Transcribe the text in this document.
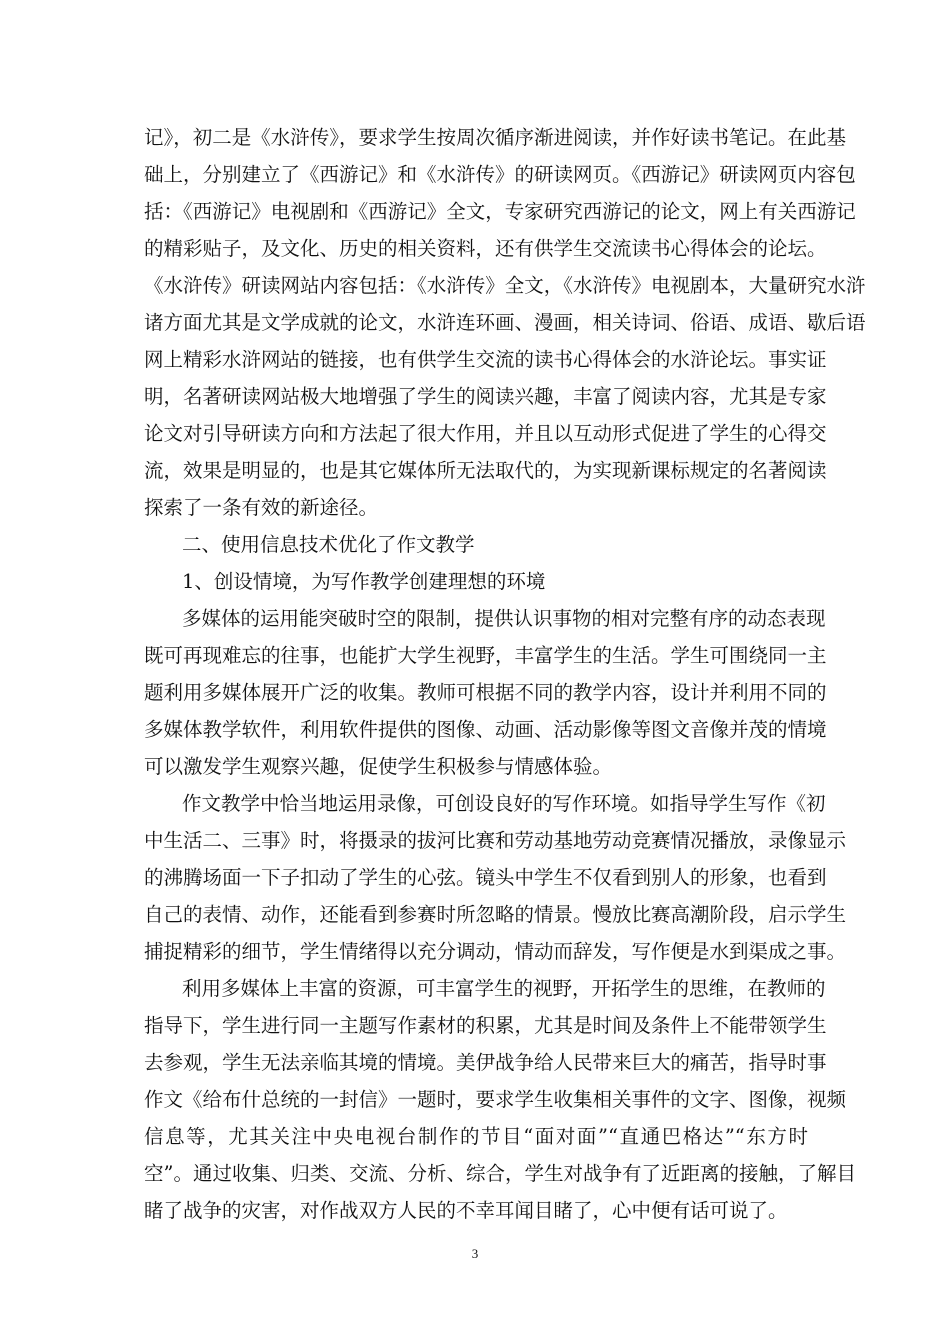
记》，初二是《水浒传》，要求学生按周次循序渐进阅读，并作好读书笔记。在此基
础上，分别建立了《西游记》和《水浒传》的研读网页。《西游记》研读网页内容包
括：《西游记》电视剧和《西游记》全文，专家研究西游记的论文，网上有关西游记
的精彩贴子，及文化、历史的相关资料，还有供学生交流读书心得体会的论坛。
《水浒传》研读网站内容包括：《水浒传》全文，《水浒传》电视剧本，大量研究水浒
诸方面尤其是文学成就的论文，水浒连环画、漫画，相关诗词、俗语、成语、歇后语
网上精彩水浒网站的链接，也有供学生交流的读书心得体会的水浒论坛。事实证
明，名著研读网站极大地增强了学生的阅读兴趣，丰富了阅读内容，尤其是专家
论文对引导研读方向和方法起了很大作用，并且以互动形式促进了学生的心得交
流，效果是明显的，也是其它媒体所无法取代的，为实现新课标规定的名著阅读
探索了一条有效的新途径。
二、使用信息技术优化了作文教学
1、创设情境，为写作教学创建理想的环境
多媒体的运用能突破时空的限制，提供认识事物的相对完整有序的动态表现
既可再现难忘的往事，也能扩大学生视野，丰富学生的生活。学生可围绕同一主
题利用多媒体展开广泛的收集。教师可根据不同的教学内容，设计并利用不同的
多媒体教学软件，利用软件提供的图像、动画、活动影像等图文音像并茂的情境
可以激发学生观察兴趣，促使学生积极参与情感体验。
作文教学中恰当地运用录像，可创设良好的写作环境。如指导学生写作《初
中生活二、三事》时，将摄录的拔河比赛和劳动基地劳动竞赛情况播放，录像显示
的沸腾场面一下子扣动了学生的心弦。镜头中学生不仅看到别人的形象，也看到
自己的表情、动作，还能看到参赛时所忽略的情景。慢放比赛高潮阶段，启示学生
捕捉精彩的细节，学生情绪得以充分调动，情动而辞发，写作便是水到渠成之事。
利用多媒体上丰富的资源，可丰富学生的视野，开拓学生的思维，在教师的
指导下，学生进行同一主题写作素材的积累，尤其是时间及条件上不能带领学生
去参观，学生无法亲临其境的情境。美伊战争给人民带来巨大的痛苦，指导时事
作文《给布什总统的一封信》一题时，要求学生收集相关事件的文字、图像，视频
信息等，尤其关注中央电视台制作的节目“面对面”“直通巴格达”“东方时
空”。通过收集、归类、交流、分析、综合，学生对战争有了近距离的接触，了解目
睹了战争的灾害，对作战双方人民的不幸耳闻目睹了，心中便有话可说了。
3
